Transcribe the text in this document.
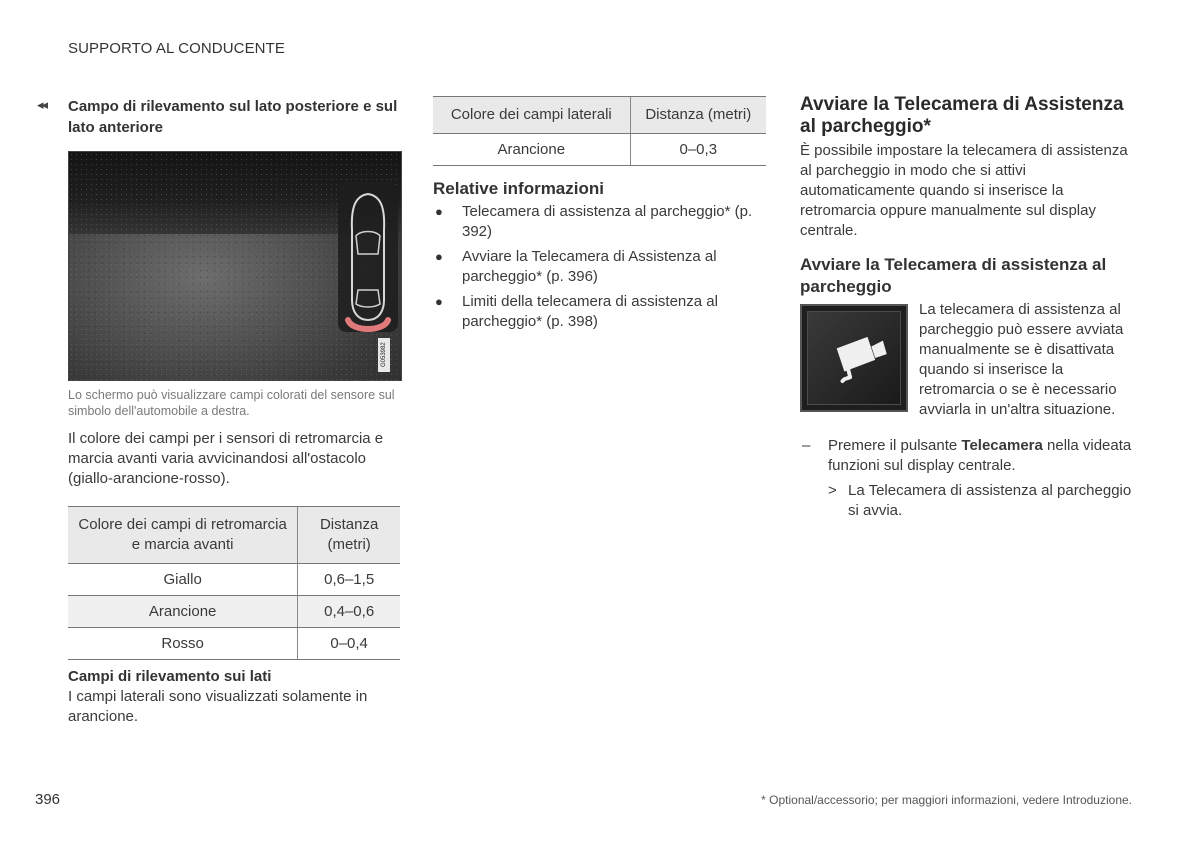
SUPPORTO AL CONDUCENTE
◂◂ Campo di rilevamento sul lato posteriore e sul lato anteriore
G053982
Lo schermo può visualizzare campi colorati del sensore sul simbolo dell'automobile a destra.
Il colore dei campi per i sensori di retromarcia e marcia avanti varia avvicinandosi all'ostacolo (giallo-arancione-rosso).
Colore dei campi di retromarcia e marcia avanti	Distanza (metri)
Giallo	0,6–1,5
Arancione	0,4–0,6
Rosso	0–0,4
Campi di rilevamento sui lati
I campi laterali sono visualizzati solamente in arancione.
Colore dei campi laterali	Distanza (metri)
Arancione	0–0,3
Relative informazioni
● Telecamera di assistenza al parcheggio* (p. 392)
● Avviare la Telecamera di Assistenza al parcheggio* (p. 396)
● Limiti della telecamera di assistenza al parcheggio* (p. 398)
Avviare la Telecamera di Assistenza al parcheggio*
È possibile impostare la telecamera di assistenza al parcheggio in modo che si attivi automaticamente quando si inserisce la retromarcia oppure manualmente sul display centrale.
Avviare la Telecamera di assistenza al parcheggio
La telecamera di assistenza al parcheggio può essere avviata manualmente se è disattivata quando si inserisce la retromarcia o se è necessario avviarla in un'altra situazione.
– Premere il pulsante Telecamera nella videata funzioni sul display centrale.
> La Telecamera di assistenza al parcheggio si avvia.
396	* Optional/accessorio; per maggiori informazioni, vedere Introduzione.
